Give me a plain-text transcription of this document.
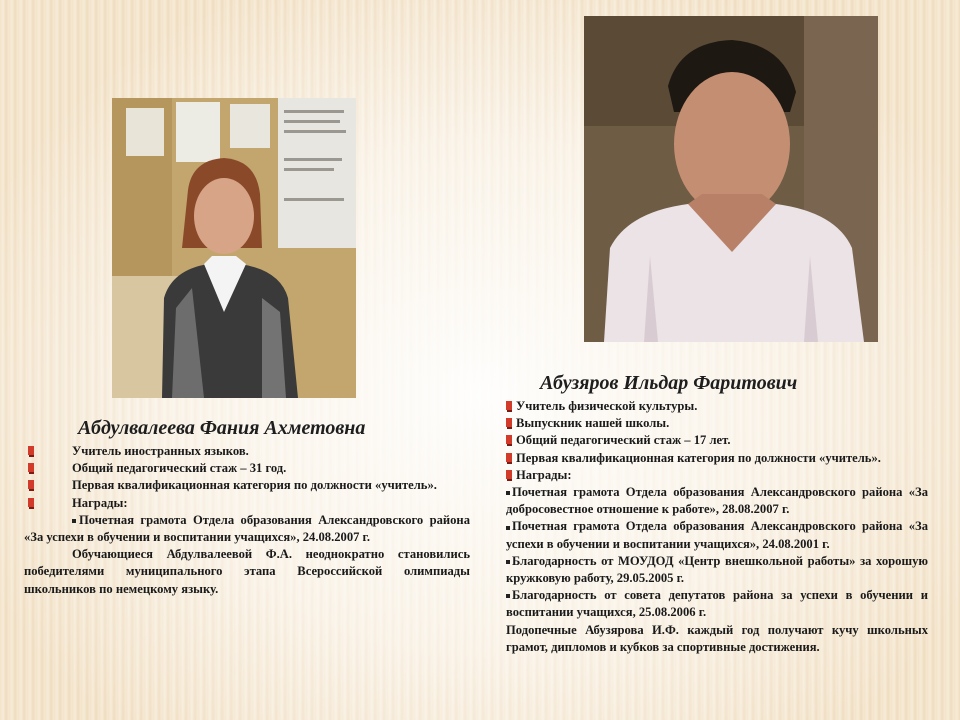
Абдулвалеева Фания Ахметовна

Учитель иностранных языков.

Общий педагогический стаж – 31 год.

Первая квалификационная категория по должности «учитель».

Награды:

Почетная грамота Отдела образования Александровского района «За успехи в обучении и воспитании учащихся», 24.08.2007 г.

Обучающиеся Абдулвалеевой Ф.А. неоднократно становились победителями муниципального этапа Всероссийской олимпиады школьников по немецкому языку.

Абузяров Ильдар Фаритович

Учитель физической культуры.

Выпускник нашей школы.

Общий педагогический стаж – 17 лет.

Первая квалификационная категория по должности «учитель».

Награды:

Почетная грамота Отдела образования Александровского района «За добросовестное отношение к работе», 28.08.2007 г.

Почетная грамота Отдела образования Александровского района «За успехи в обучении и воспитании учащихся», 24.08.2001 г.

Благодарность от МОУДОД «Центр внешкольной работы» за хорошую кружковую работу, 29.05.2005 г.

Благодарность от совета депутатов района за успехи в обучении и воспитании учащихся, 25.08.2006 г.

Подопечные Абузярова И.Ф. каждый год получают кучу школьных грамот, дипломов и кубков за спортивные достижения.
